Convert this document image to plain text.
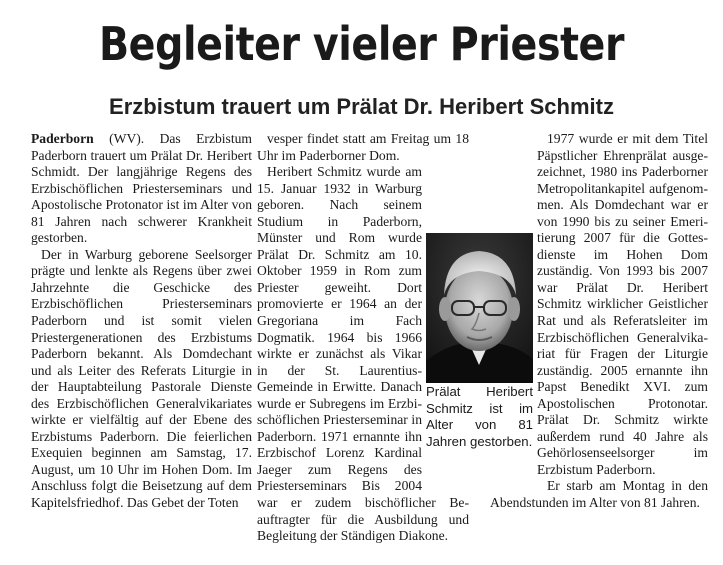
Begleiter vieler Priester
Erzbistum trauert um Prälat Dr. Heribert Schmitz

Paderborn (WV). Das Erzbistum Paderborn trauert um Prälat Dr. Heribert Schmidt. Der langjährige Regens des Erzbischöflichen Priesterseminars und Apostolische Protonator ist im Alter von 81 Jahren nach schwerer Krankheit gestorben.

Der in Warburg geborene Seelsorger prägte und lenkte als Regens über zwei Jahrzehnte die Geschicke des Erzbischöflichen Priesterseminars Paderborn und ist somit vielen Priestergenerationen des Erzbistums Paderborn bekannt. Als Domdechant und als Leiter des Referats Liturgie in der Hauptabteilung Pastorale Dienste des Erzbischöflichen Generalvikariates wirkte er vielfältig auf der Ebene des Erzbistums Paderborn. Die feierlichen Exequien beginnen am Samstag, 17. August, um 10 Uhr im Hohen Dom. Im Anschluss folgt die Beisetzung auf dem Kapitelsfriedhof. Das Gebet der Toten

vesper findet statt am Freitag um 18 Uhr im Paderborner Dom.

Heribert Schmitz wurde am 15. Januar 1932 in Warburg geboren. Nach seinem Studium in Paderborn, Münster und Rom wurde Prälat Dr. Schmitz am 10. Oktober 1959 in Rom zum Priester geweiht. Dort promovierte er 1964 an der Gregoriana im Fach Dogmatik. 1964 bis 1966 wirkte er zunächst als Vikar in der St. Laurentius-Gemeinde in Erwitte. Danach wurde er Subregens im Erzbischöflichen Priesterseminar in Paderborn. 1971 ernannte ihn Erzbischof Lorenz Kardinal Jaeger zum Regens des Priesterseminars Bis 2004 war er zudem bischöflicher Beauftragter für die Ausbildung und Begleitung der Ständigen Diakone.

1977 wurde er mit dem Titel Päpstlicher Ehrenprälat ausgezeichnet, 1980 ins Paderborner Metropolitankapitel aufgenommen. Als Domdechant war er von 1990 bis zu seiner Emeritierung 2007 für die Gottesdienste im Hohen Dom zuständig. Von 1993 bis 2007 war Prälat Dr. Heribert Schmitz wirklicher Geistlicher Rat und als Referatsleiter im Erzbischöflichen Generalvikariat für Fragen der Liturgie zuständig. 2005 ernannte ihn Papst Benedikt XVI. zum Apostolischen Protonotar. Prälat Dr. Schmitz wirkte außerdem rund 40 Jahre als Gehörlosenseelsorger im Erzbistum Paderborn.

Er starb am Montag in den Abendstunden im Alter von 81 Jahren.

Prälat Heribert Schmitz ist im Alter von 81 Jahren gestorben.
